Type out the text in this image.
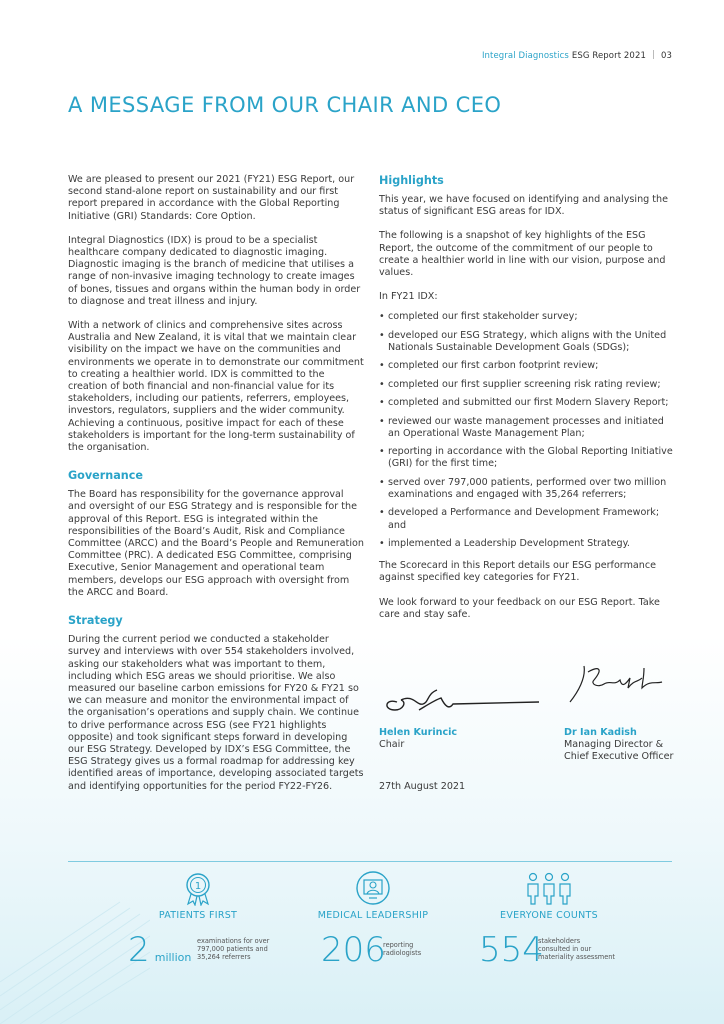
Integral Diagnostics ESG Report 2021 03
A MESSAGE FROM OUR CHAIR AND CEO

We are pleased to present our 2021 (FY21) ESG Report, our second stand-alone report on sustainability and our first report prepared in accordance with the Global Reporting Initiative (GRI) Standards: Core Option.

Integral Diagnostics (IDX) is proud to be a specialist healthcare company dedicated to diagnostic imaging. Diagnostic imaging is the branch of medicine that utilises a range of non-invasive imaging technology to create images of bones, tissues and organs within the human body in order to diagnose and treat illness and injury.

With a network of clinics and comprehensive sites across Australia and New Zealand, it is vital that we maintain clear visibility on the impact we have on the communities and environments we operate in to demonstrate our commitment to creating a healthier world. IDX is committed to the creation of both financial and non-financial value for its stakeholders, including our patients, referrers, employees, investors, regulators, suppliers and the wider community. Achieving a continuous, positive impact for each of these stakeholders is important for the long-term sustainability of the organisation.

Governance

The Board has responsibility for the governance approval and oversight of our ESG Strategy and is responsible for the approval of this Report. ESG is integrated within the responsibilities of the Board’s Audit, Risk and Compliance Committee (ARCC) and the Board’s People and Remuneration Committee (PRC). A dedicated ESG Committee, comprising Executive, Senior Management and operational team members, develops our ESG approach with oversight from the ARCC and Board.

Strategy

During the current period we conducted a stakeholder survey and interviews with over 554 stakeholders involved, asking our stakeholders what was important to them, including which ESG areas we should prioritise. We also measured our baseline carbon emissions for FY20 & FY21 so we can measure and monitor the environmental impact of the organisation’s operations and supply chain. We continue to drive performance across ESG (see FY21 highlights opposite) and took significant steps forward in developing our ESG Strategy. Developed by IDX’s ESG Committee, the ESG Strategy gives us a formal roadmap for addressing key identified areas of importance, developing associated targets and identifying opportunities for the period FY22-FY26.

Highlights

This year, we have focused on identifying and analysing the status of significant ESG areas for IDX.

The following is a snapshot of key highlights of the ESG Report, the outcome of the commitment of our people to create a healthier world in line with our vision, purpose and values.

In FY21 IDX:

• completed our first stakeholder survey;
• developed our ESG Strategy, which aligns with the United Nationals Sustainable Development Goals (SDGs);
• completed our first carbon footprint review;
• completed our first supplier screening risk rating review;
• completed and submitted our first Modern Slavery Report;
• reviewed our waste management processes and initiated an Operational Waste Management Plan;
• reporting in accordance with the Global Reporting Initiative (GRI) for the first time;
• served over 797,000 patients, performed over two million examinations and engaged with 35,264 referrers;
• developed a Performance and Development Framework; and
• implemented a Leadership Development Strategy.

The Scorecard in this Report details our ESG performance against specified key categories for FY21.

We look forward to your feedback on our ESG Report. Take care and stay safe.

Helen Kurincic
Chair
Dr Ian Kadish
Managing Director &
Chief Executive Officer
27th August 2021
1
PATIENTS FIRST	MEDICAL LEADERSHIP	EVERYONE COUNTS
2 million
examinations for over
797,000 patients and
35,264 referrers	206
reporting
radiologists	554
stakeholders
consulted in our
materiality assessment
